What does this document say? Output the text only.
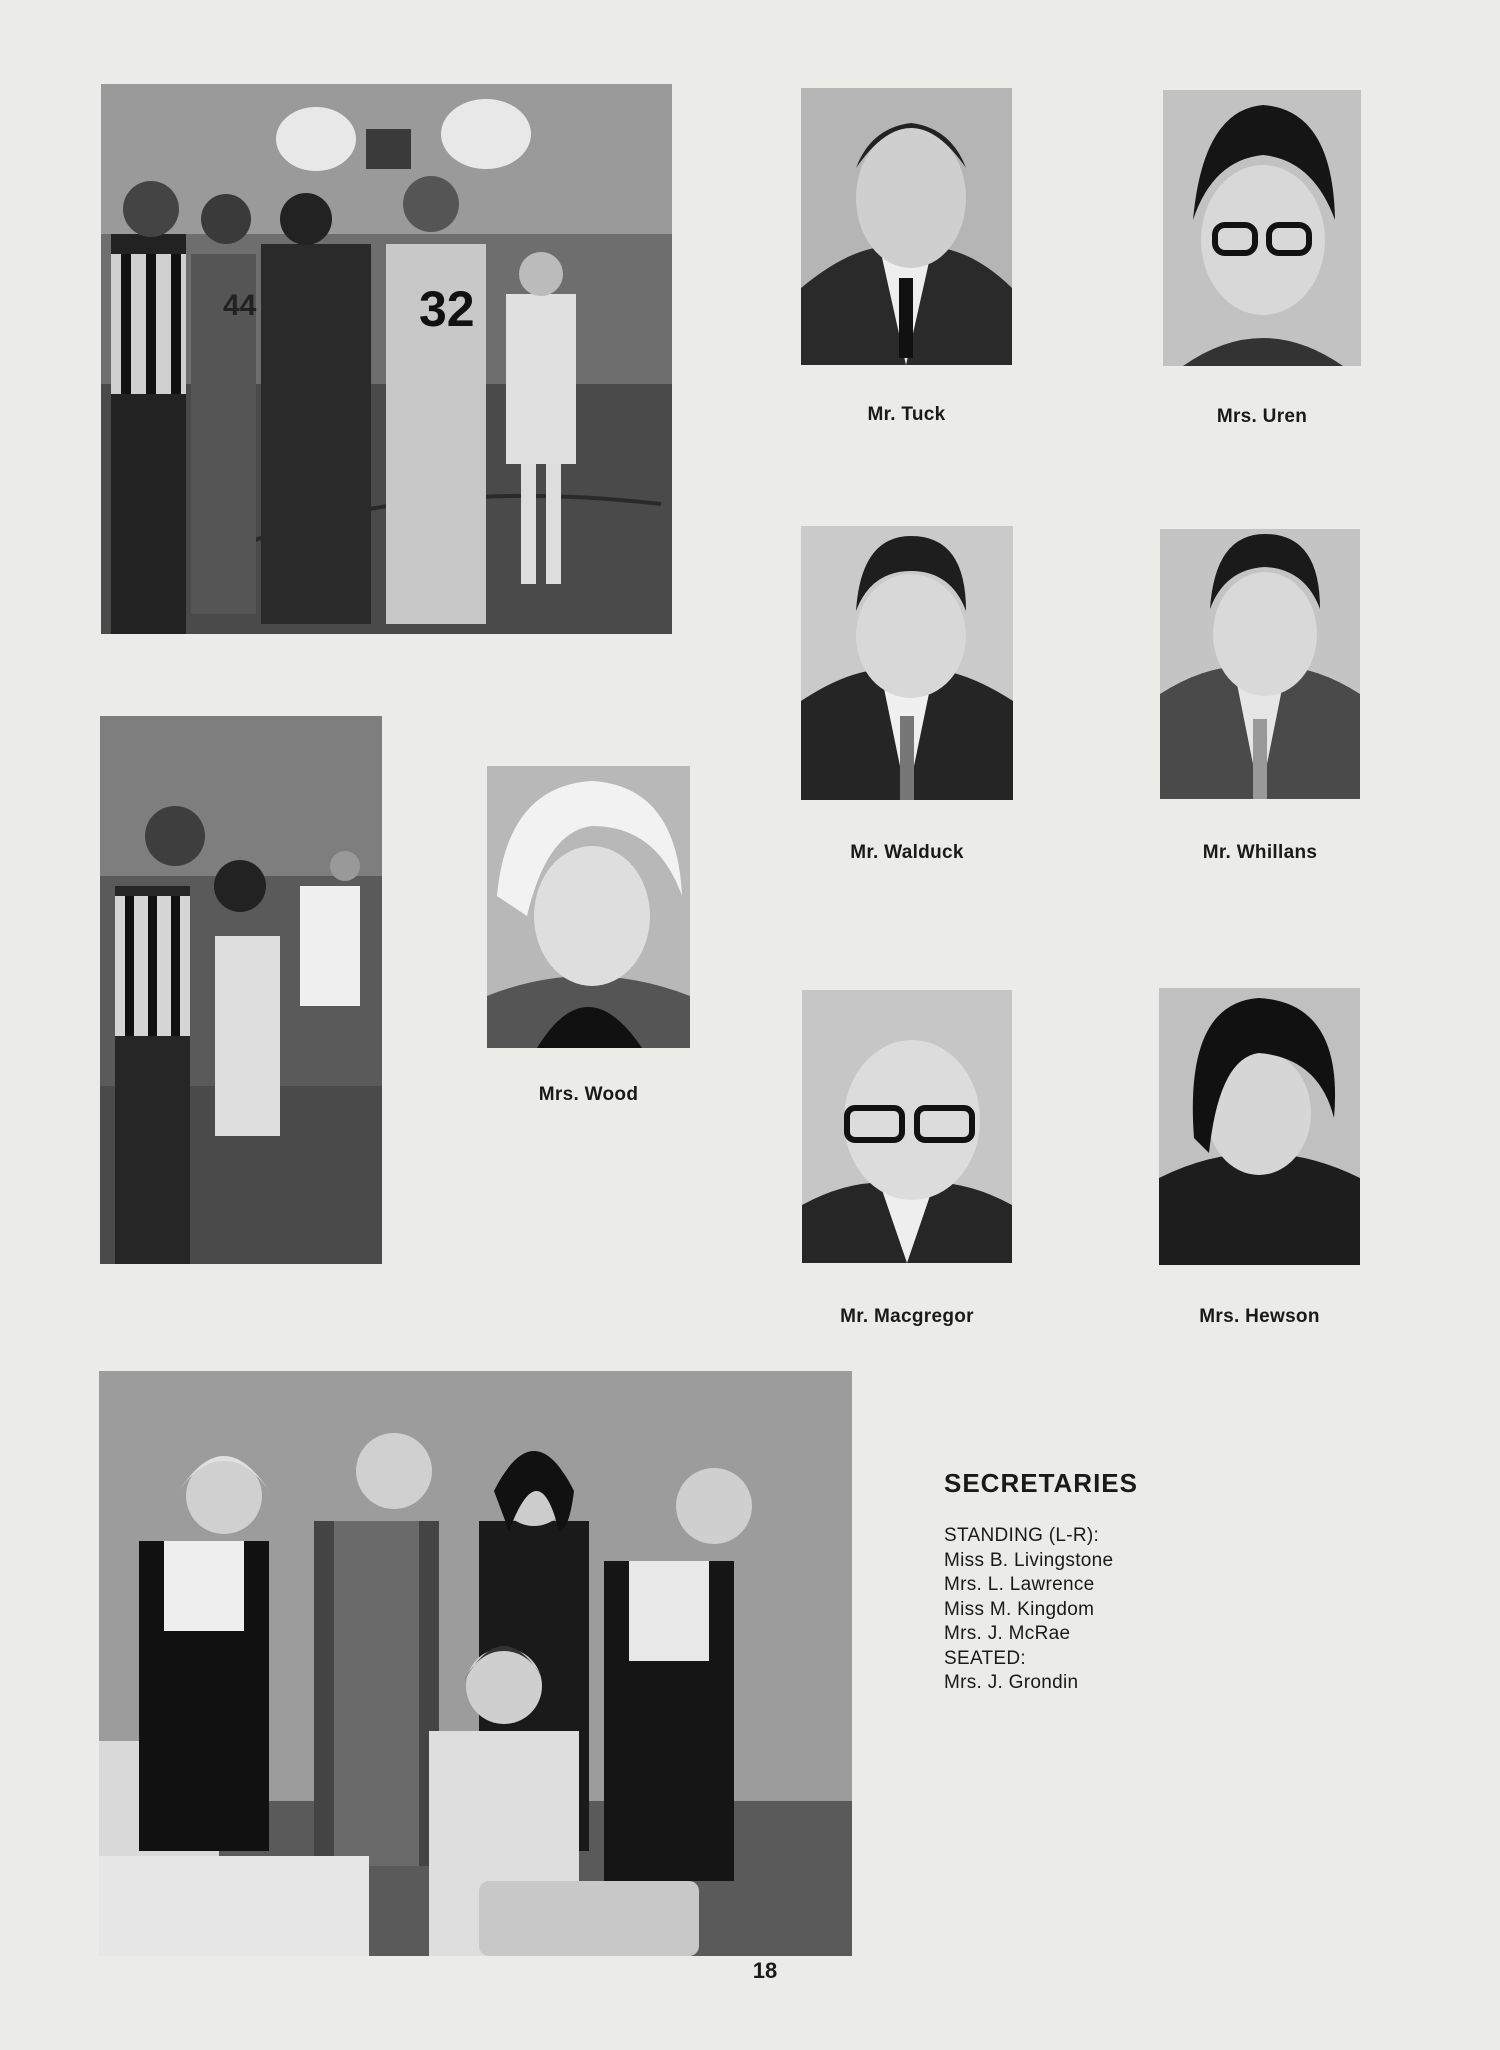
44	32
Mr. Tuck	Mrs. Uren
Mr. Walduck	Mr. Whillans
Mrs. Wood
Mr. Macgregor	Mrs. Hewson
SECRETARIES
STANDING (L-R):
Miss B. Livingstone
Mrs. L. Lawrence
Miss M. Kingdom
Mrs. J. McRae
SEATED:
Mrs. J. Grondin
18
